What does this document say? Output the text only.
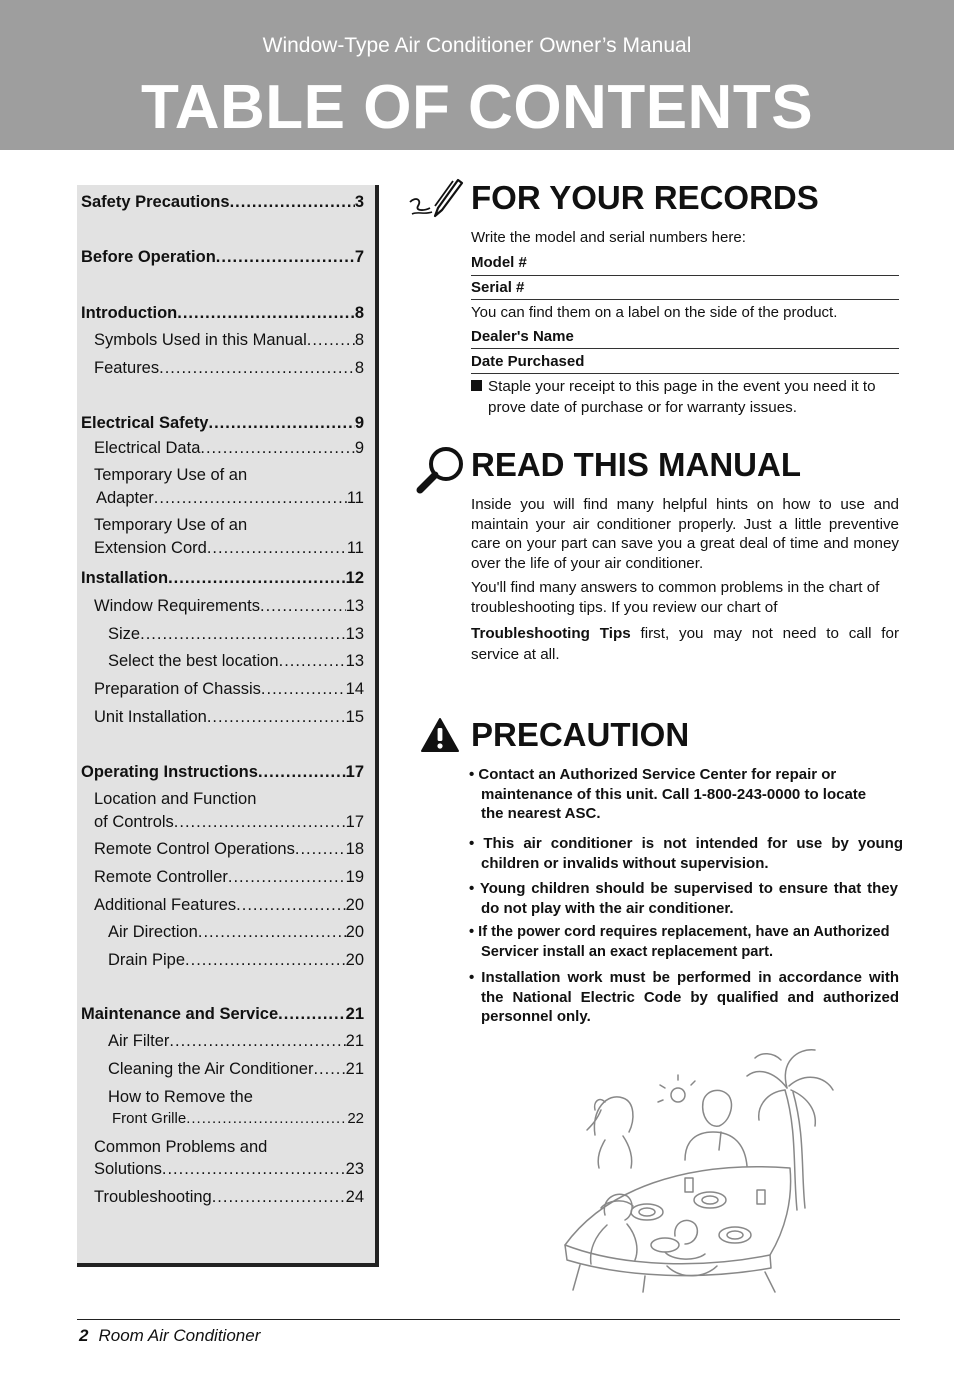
Window-Type Air Conditioner Owner’s Manual
TABLE OF CONTENTS
Safety Precautions .....	3
Before Operation .....	7
Introduction .....	8
Symbols Used in this Manual .....	8
Features .....	8
Electrical Safety .....	9
Electrical Data .....	9
Temporary Use of an
Adapter .....	11
Temporary Use of an
Extension Cord .....	11
Installation .....	12
Window Requirements .....	13
Size .....	13
Select the best location .....	13
Preparation of Chassis .....	14
Unit Installation .....	15
Operating Instructions .....	17
Location and Function
of Controls .....	17
Remote Control Operations .....	18
Remote Controller .....	19
Additional Features .....	20
Air Direction .....	20
Drain Pipe .....	20
Maintenance and Service .....	21
Air Filter .....	21
Cleaning the Air Conditioner ..... 21
How to Remove the
Front Grille .....	22
Common Problems and
Solutions .....	23
Troubleshooting .....	24
FOR YOUR RECORDS
Write the model and serial numbers here:
Model #
Serial #
You can find them on a label on the side of the product.
Dealer's Name
Date Purchased
Staple your receipt to this page in the event you need it to prove date of purchase or for warranty issues.
READ THIS MANUAL
Inside you will find many helpful hints on how to use and maintain your air conditioner properly. Just a little preventive care on your part can save you a great deal of time and money over the life of your air conditioner.
You'll find many answers to common problems in the chart of troubleshooting tips. If you review our chart of
Troubleshooting Tips first, you may not need to call for service at all.
PRECAUTION
• Contact an Authorized Service Center for repair or maintenance of this unit. Call 1-800-243-0000 to locate the nearest ASC.
• This air conditioner is not intended for use by young children or invalids without supervision.
• Young children should be supervised to ensure that they do not play with the air conditioner.
• If the power cord requires replacement, have an Authorized Servicer install an exact replacement part.
• Installation work must be performed in accordance with the National Electric Code by qualified and authorized personnel only.
2 Room Air Conditioner
